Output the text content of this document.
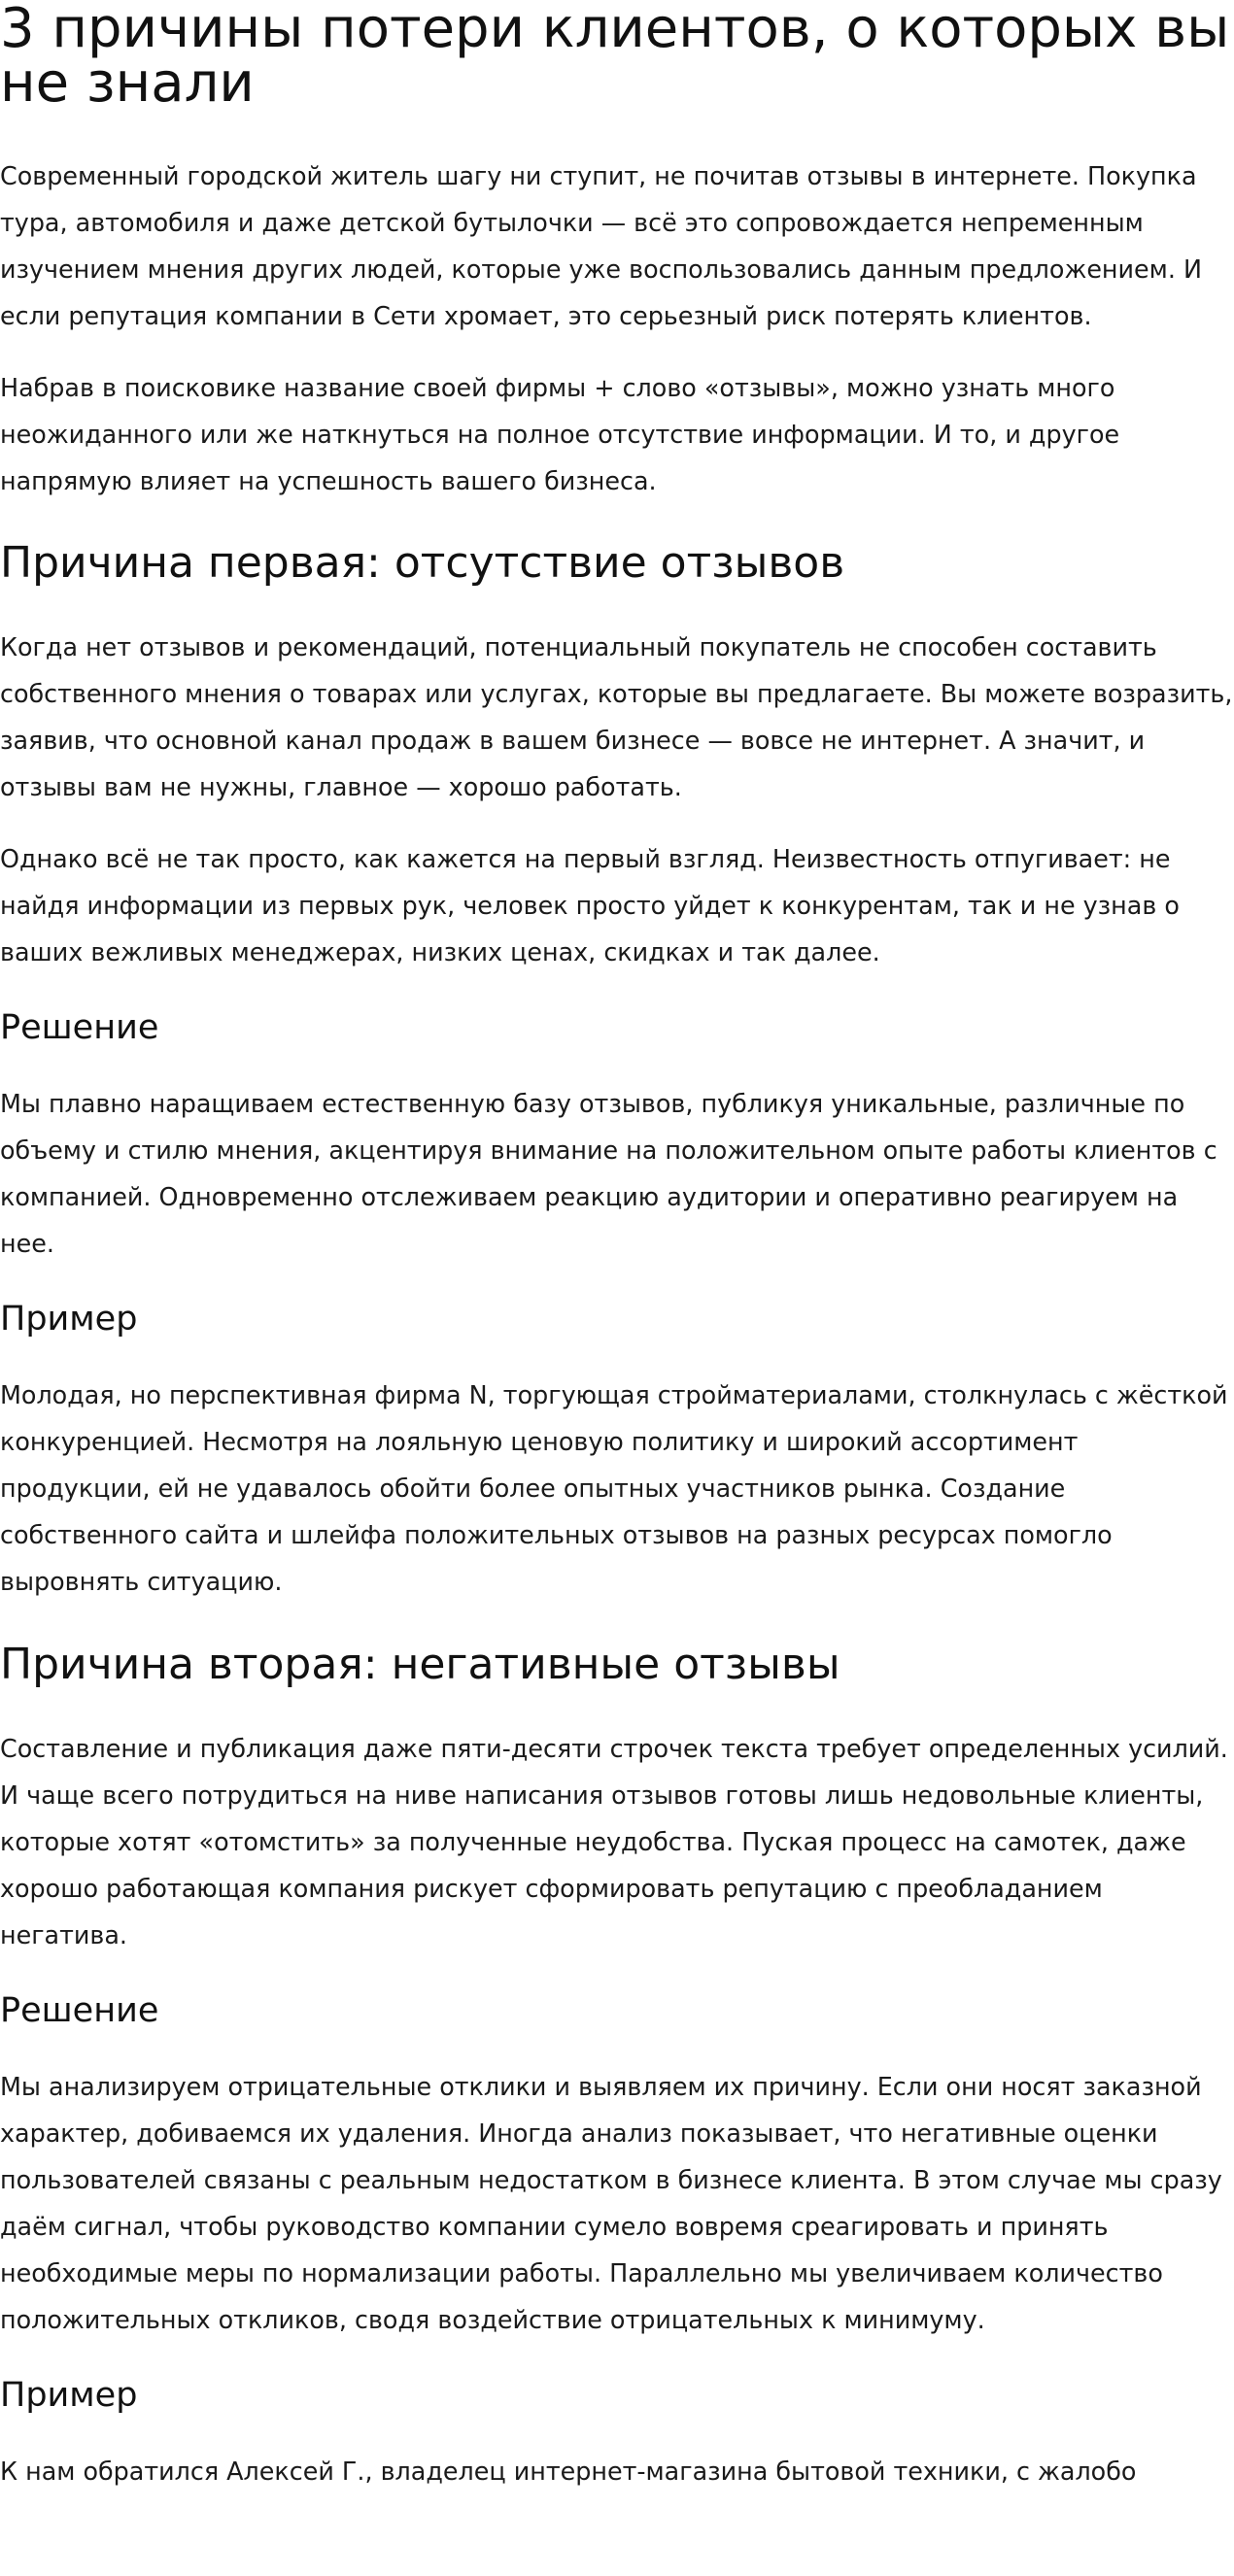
3 причины потери клиентов, о которых вы не знали

Современный городской житель шагу ни ступит, не почитав отзывы в интернете. Покупка тура, автомобиля и даже детской бутылочки — всё это сопровождается непременным изучением мнения других людей, которые уже воспользовались данным предложением. И если репутация компании в Сети хромает, это серьезный риск потерять клиентов.

Набрав в поисковике название своей фирмы + слово «отзывы», можно узнать много неожиданного или же наткнуться на полное отсутствие информации. И то, и другое напрямую влияет на успешность вашего бизнеса.

Причина первая: отсутствие отзывов

Когда нет отзывов и рекомендаций, потенциальный покупатель не способен составить собственного мнения о товарах или услугах, которые вы предлагаете. Вы можете возразить, заявив, что основной канал продаж в вашем бизнесе — вовсе не интернет. А значит, и отзывы вам не нужны, главное — хорошо работать.

Однако всё не так просто, как кажется на первый взгляд. Неизвестность отпугивает: не найдя информации из первых рук, человек просто уйдет к конкурентам, так и не узнав о ваших вежливых менеджерах, низких ценах, скидках и так далее.

Решение

Мы плавно наращиваем естественную базу отзывов, публикуя уникальные, различные по объему и стилю мнения, акцентируя внимание на положительном опыте работы клиентов с компанией. Одновременно отслеживаем реакцию аудитории и оперативно реагируем на нее.

Пример

Молодая, но перспективная фирма N, торгующая стройматериалами, столкнулась с жёсткой конкуренцией. Несмотря на лояльную ценовую политику и широкий ассортимент продукции, ей не удавалось обойти более опытных участников рынка. Создание собственного сайта и шлейфа положительных отзывов на разных ресурсах помогло выровнять ситуацию.

Причина вторая: негативные отзывы

Составление и публикация даже пяти-десяти строчек текста требует определенных усилий. И чаще всего потрудиться на ниве написания отзывов готовы лишь недовольные клиенты, которые хотят «отомстить» за полученные неудобства. Пуская процесс на самотек, даже хорошо работающая компания рискует сформировать репутацию с преобладанием негатива.

Решение

Мы анализируем отрицательные отклики и выявляем их причину. Если они носят заказной характер, добиваемся их удаления. Иногда анализ показывает, что негативные оценки пользователей связаны с реальным недостатком в бизнесе клиента. В этом случае мы сразу даём сигнал, чтобы руководство компании сумело вовремя среагировать и принять необходимые меры по нормализации работы. Параллельно мы увеличиваем количество положительных откликов, сводя воздействие отрицательных к минимуму.

Пример

К нам обратился Алексей Г., владелец интернет-магазина бытовой техники, с жалобо
